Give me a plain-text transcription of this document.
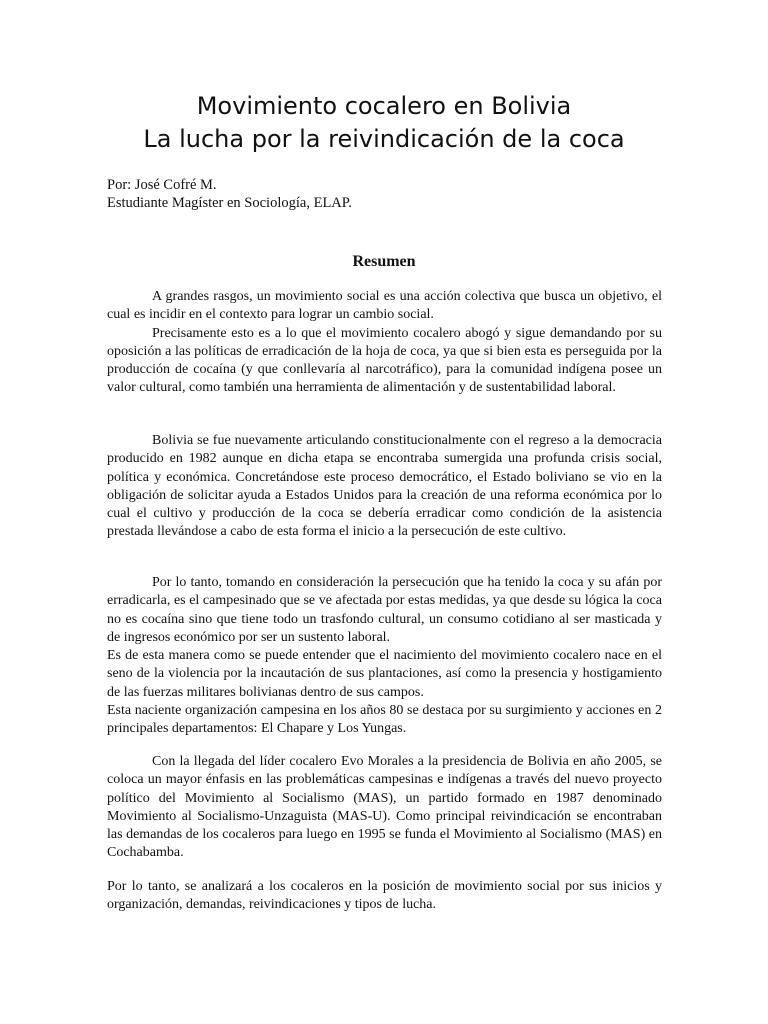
Movimiento cocalero en Bolivia
La lucha por la reivindicación de la coca
Por: José Cofré M.
Estudiante Magíster en Sociología, ELAP.
Resumen

A grandes rasgos, un movimiento social es una acción colectiva que busca un objetivo, el cual es incidir en el contexto para lograr un cambio social.

Precisamente esto es a lo que el movimiento cocalero abogó y sigue demandando por su oposición a las políticas de erradicación de la hoja de coca, ya que si bien esta es perseguida por la producción de cocaína (y que conllevaría al narcotráfico), para la comunidad indígena posee un valor cultural, como también una herramienta de alimentación y de sustentabilidad laboral.

Bolivia se fue nuevamente articulando constitucionalmente con el regreso a la democracia producido en 1982 aunque en dicha etapa se encontraba sumergida una profunda crisis social, política y económica. Concretándose este proceso democrático, el Estado boliviano se vio en la obligación de solicitar ayuda a Estados Unidos para la creación de una reforma económica por lo cual el cultivo y producción de la coca se debería erradicar como condición de la asistencia prestada llevándose a cabo de esta forma el inicio a la persecución de este cultivo.

Por lo tanto, tomando en consideración la persecución que ha tenido la coca y su afán por erradicarla, es el campesinado que se ve afectada por estas medidas, ya que desde su lógica la coca no es cocaína sino que tiene todo un trasfondo cultural, un consumo cotidiano al ser masticada y de ingresos económico por ser un sustento laboral.

Es de esta manera como se puede entender que el nacimiento del movimiento cocalero nace en el seno de la violencia por la incautación de sus plantaciones, así como la presencia y hostigamiento de las fuerzas militares bolivianas dentro de sus campos.

Esta naciente organización campesina en los años 80 se destaca por su surgimiento y acciones en 2 principales departamentos: El Chapare y Los Yungas.

Con la llegada del líder cocalero Evo Morales a la presidencia de Bolivia en año 2005, se coloca un mayor énfasis en las problemáticas campesinas e indígenas a través del nuevo proyecto político del Movimiento al Socialismo (MAS), un partido formado en 1987 denominado Movimiento al Socialismo-Unzaguista (MAS-U). Como principal reivindicación se encontraban las demandas de los cocaleros para luego en 1995 se funda el Movimiento al Socialismo (MAS) en Cochabamba.

Por lo tanto, se analizará a los cocaleros en la posición de movimiento social por sus inicios y organización, demandas, reivindicaciones y tipos de lucha.
